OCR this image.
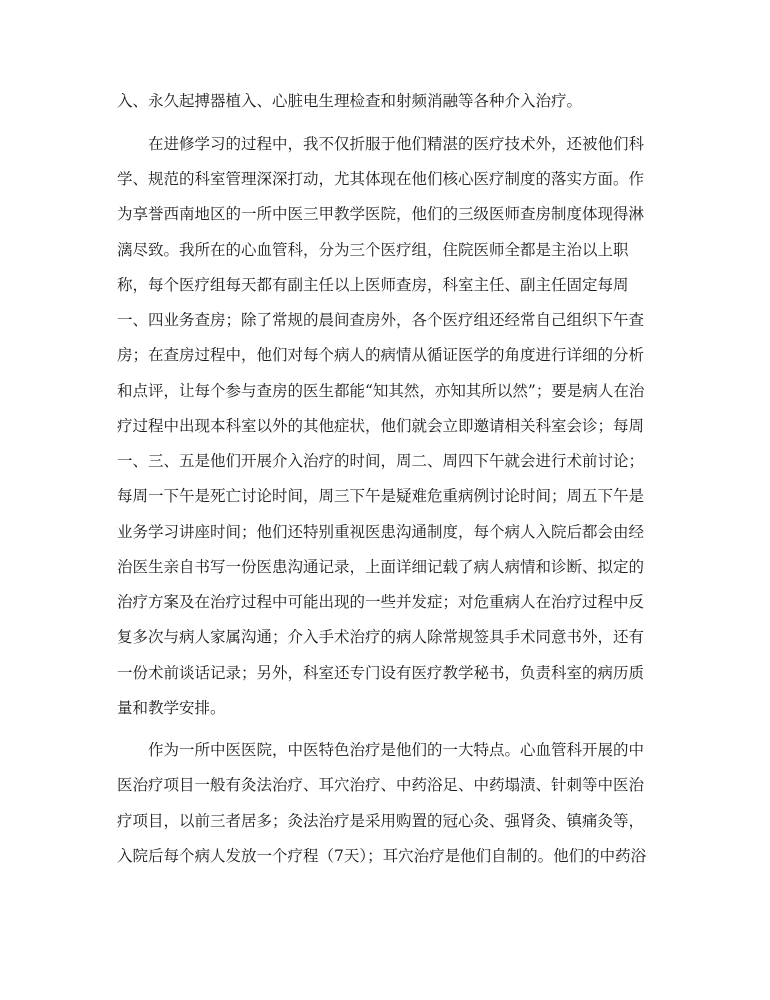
入、永久起搏器植入、心脏电生理检查和射频消融等各种介入治疗。
在进修学习的过程中，我不仅折服于他们精湛的医疗技术外，还被他们科
学、规范的科室管理深深打动，尤其体现在他们核心医疗制度的落实方面。作
为享誉西南地区的一所中医三甲教学医院，他们的三级医师查房制度体现得淋
漓尽致。我所在的心血管科，分为三个医疗组，住院医师全都是主治以上职
称，每个医疗组每天都有副主任以上医师查房，科室主任、副主任固定每周
一、四业务查房；除了常规的晨间查房外，各个医疗组还经常自己组织下午查
房；在查房过程中，他们对每个病人的病情从循证医学的角度进行详细的分析
和点评，让每个参与查房的医生都能“知其然，亦知其所以然”；要是病人在治
疗过程中出现本科室以外的其他症状，他们就会立即邀请相关科室会诊；每周
一、三、五是他们开展介入治疗的时间，周二、周四下午就会进行术前讨论；
每周一下午是死亡讨论时间，周三下午是疑难危重病例讨论时间；周五下午是
业务学习讲座时间；他们还特别重视医患沟通制度，每个病人入院后都会由经
治医生亲自书写一份医患沟通记录，上面详细记载了病人病情和诊断、拟定的
治疗方案及在治疗过程中可能出现的一些并发症；对危重病人在治疗过程中反
复多次与病人家属沟通；介入手术治疗的病人除常规签具手术同意书外，还有
一份术前谈话记录；另外，科室还专门设有医疗教学秘书，负责科室的病历质
量和教学安排。
作为一所中医医院，中医特色治疗是他们的一大特点。心血管科开展的中
医治疗项目一般有灸法治疗、耳穴治疗、中药浴足、中药塌渍、针刺等中医治
疗项目，以前三者居多；灸法治疗是采用购置的冠心灸、强肾灸、镇痛灸等，
入院后每个病人发放一个疗程（7天）；耳穴治疗是他们自制的。他们的中药浴
